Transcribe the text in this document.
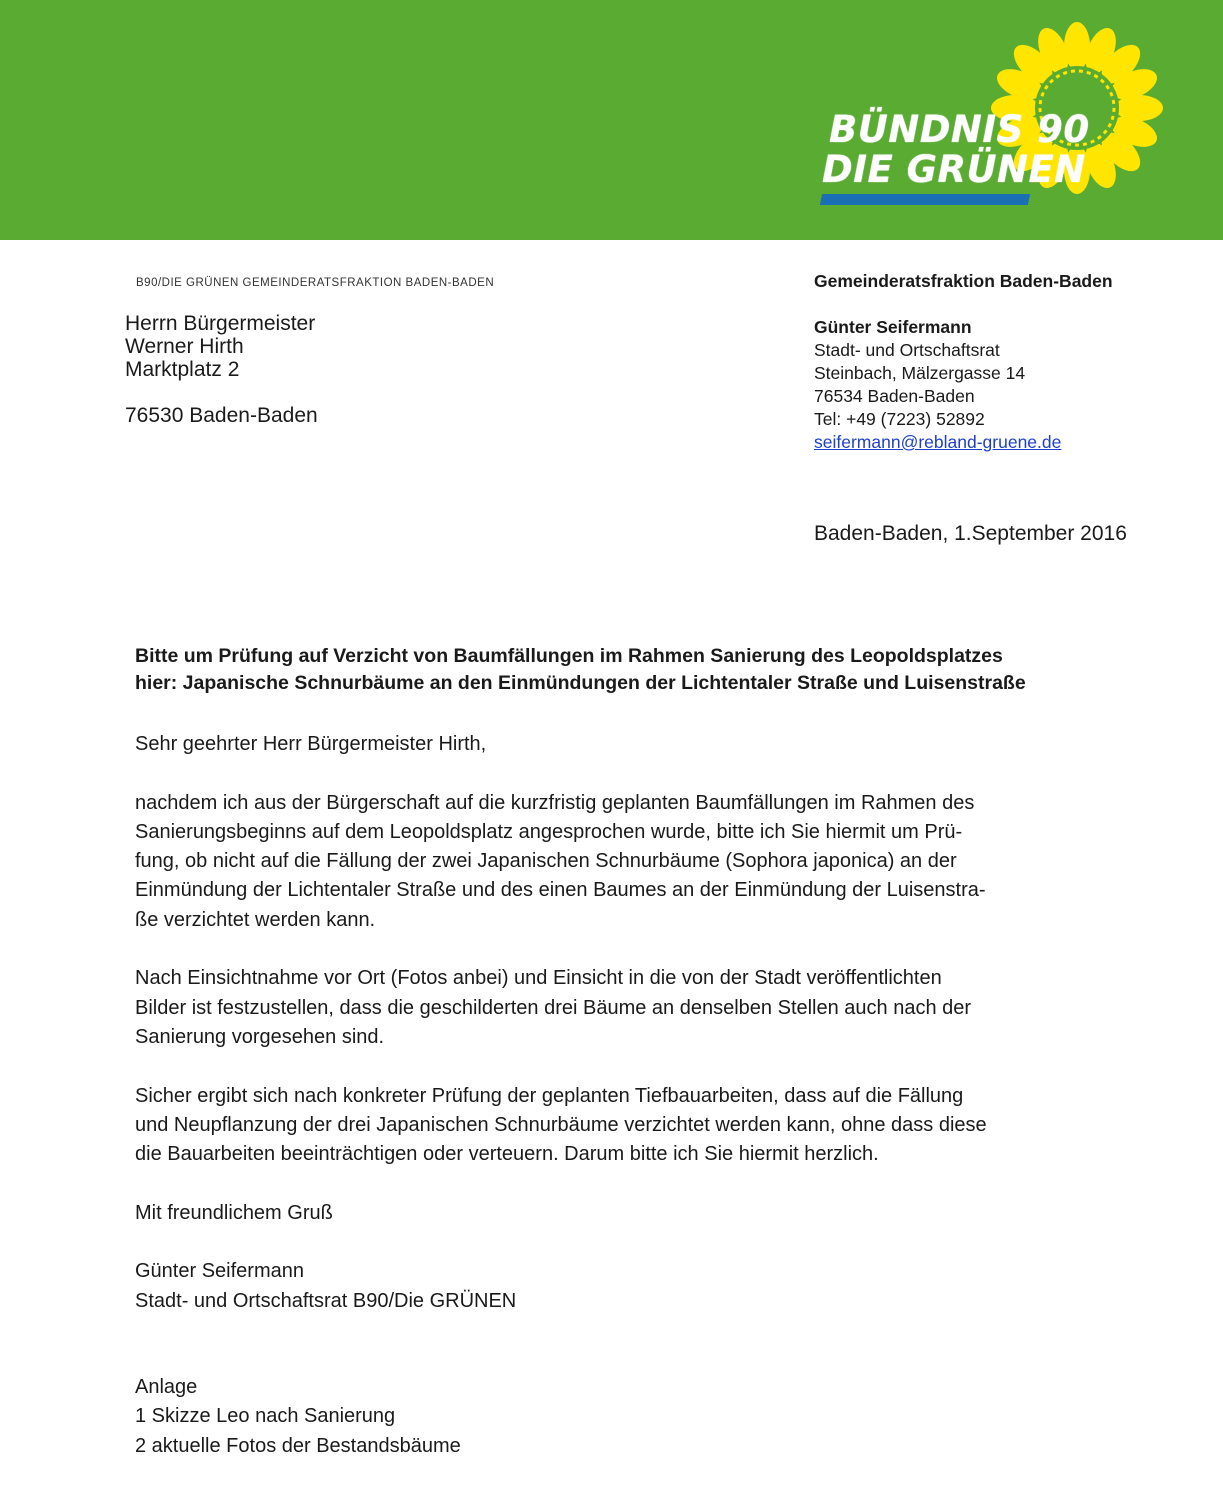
BÜNDNIS 90
DIE GRÜNEN
B90/DIE GRÜNEN GEMEINDERATSFRAKTION BADEN-BADEN
Herrn Bürgermeister
Werner Hirth
Marktplatz 2
76530 Baden-Baden
Gemeinderatsfraktion Baden-Baden
Günter Seifermann
Stadt- und Ortschaftsrat
Steinbach, Mälzergasse 14
76534 Baden-Baden
Tel: +49 (7223) 52892
seifermann@rebland-gruene.de
Baden-Baden, 1.September 2016
Bitte um Prüfung auf Verzicht von Baumfällungen im Rahmen Sanierung des Leopoldsplatzes
hier: Japanische Schnurbäume an den Einmündungen der Lichtentaler Straße und Luisenstraße

Sehr geehrter Herr Bürgermeister Hirth,

nachdem ich aus der Bürgerschaft auf die kurzfristig geplanten Baumfällungen im Rahmen des
Sanierungsbeginns auf dem Leopoldsplatz angesprochen wurde, bitte ich Sie hiermit um Prü-
fung, ob nicht auf die Fällung der zwei Japanischen Schnurbäume (Sophora japonica) an der
Einmündung der Lichtentaler Straße und des einen Baumes an der Einmündung der Luisenstra-
ße verzichtet werden kann.

Nach Einsichtnahme vor Ort (Fotos anbei) und Einsicht in die von der Stadt veröffentlichten
Bilder ist festzustellen, dass die geschilderten drei Bäume an denselben Stellen auch nach der
Sanierung vorgesehen sind.

Sicher ergibt sich nach konkreter Prüfung der geplanten Tiefbauarbeiten, dass auf die Fällung
und Neupflanzung der drei Japanischen Schnurbäume verzichtet werden kann, ohne dass diese
die Bauarbeiten beeinträchtigen oder verteuern. Darum bitte ich Sie hiermit herzlich.

Mit freundlichem Gruß

Günter Seifermann
Stadt- und Ortschaftsrat B90/Die GRÜNEN
Anlage
1 Skizze Leo nach Sanierung
2 aktuelle Fotos der Bestandsbäume
